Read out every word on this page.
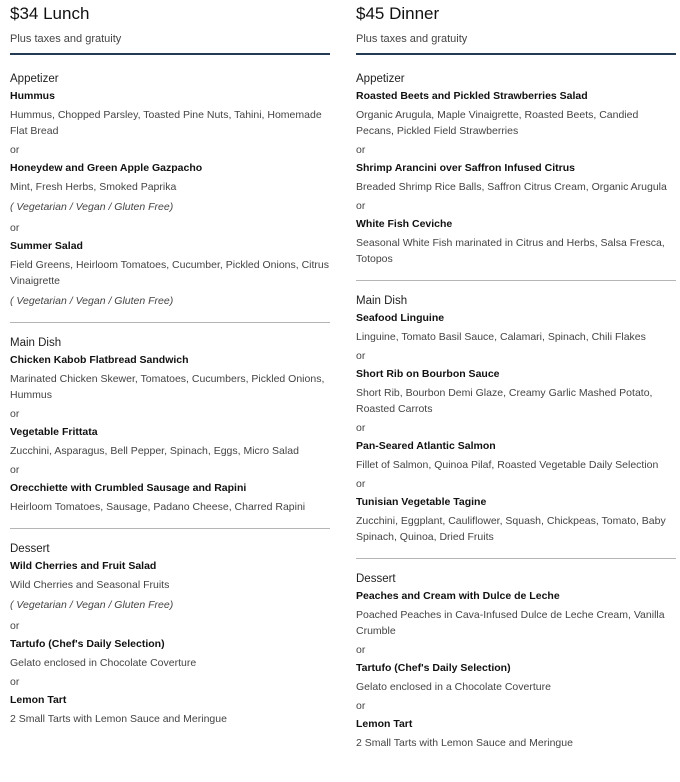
$34 Lunch
Plus taxes and gratuity
Appetizer
Hummus
Hummus, Chopped Parsley, Toasted Pine Nuts, Tahini, Homemade Flat Bread
or
Honeydew and Green Apple Gazpacho
Mint, Fresh Herbs, Smoked Paprika
( Vegetarian / Vegan / Gluten Free)
or
Summer Salad
Field Greens, Heirloom Tomatoes, Cucumber, Pickled Onions, Citrus Vinaigrette
( Vegetarian / Vegan / Gluten Free)
Main Dish
Chicken Kabob Flatbread Sandwich
Marinated Chicken Skewer, Tomatoes, Cucumbers, Pickled Onions, Hummus
or
Vegetable Frittata
Zucchini, Asparagus, Bell Pepper, Spinach, Eggs, Micro Salad
or
Orecchiette with Crumbled Sausage and Rapini
Heirloom Tomatoes, Sausage, Padano Cheese, Charred Rapini
Dessert
Wild Cherries and Fruit Salad
Wild Cherries and Seasonal Fruits
( Vegetarian / Vegan / Gluten Free)
or
Tartufo (Chef's Daily Selection)
Gelato enclosed in Chocolate Coverture
or
Lemon Tart
2 Small Tarts with Lemon Sauce and Meringue
$45 Dinner
Plus taxes and gratuity
Appetizer
Roasted Beets and Pickled Strawberries Salad
Organic Arugula, Maple Vinaigrette, Roasted Beets, Candied Pecans, Pickled Field Strawberries
or
Shrimp Arancini over Saffron Infused Citrus
Breaded Shrimp Rice Balls, Saffron Citrus Cream, Organic Arugula
or
White Fish Ceviche
Seasonal White Fish marinated in Citrus and Herbs, Salsa Fresca, Totopos
Main Dish
Seafood Linguine
Linguine, Tomato Basil Sauce, Calamari, Spinach, Chili Flakes
or
Short Rib on Bourbon Sauce
Short Rib, Bourbon Demi Glaze, Creamy Garlic Mashed Potato, Roasted Carrots
or
Pan-Seared Atlantic Salmon
Fillet of Salmon, Quinoa Pilaf, Roasted Vegetable Daily Selection
or
Tunisian Vegetable Tagine
Zucchini, Eggplant, Cauliflower, Squash, Chickpeas, Tomato, Baby Spinach, Quinoa, Dried Fruits
Dessert
Peaches and Cream with Dulce de Leche
Poached Peaches in Cava-Infused Dulce de Leche Cream, Vanilla Crumble
or
Tartufo (Chef's Daily Selection)
Gelato enclosed in a Chocolate Coverture
or
Lemon Tart
2 Small Tarts with Lemon Sauce and Meringue
